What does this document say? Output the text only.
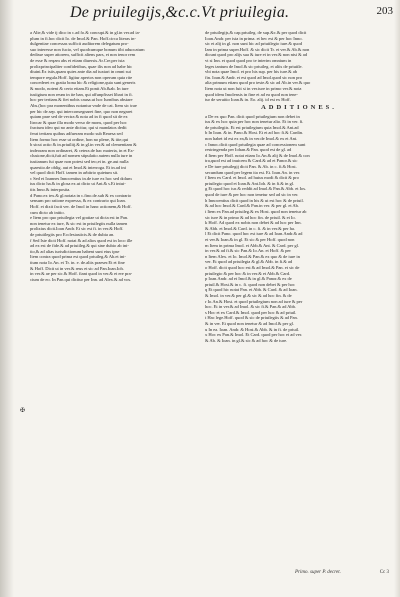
De priuilegijs,&c.c.Vt priuilegia.	203
a Alie,& vide ij dico in c.ad fo.& concupi.& in gl.in ver.ad ia-
plum in fi.hoc dicit Io. de Imol.& Pan. Hoff.circa literas in-
dulgentiae concessas sufficit auditorem delegatum pro-
suo interesse non fucio, vel quodcumque bonum tibi aduocatum
dedisse super attorem, sufficit aliens pars, et non tenor rem
de esse & reqzm abs et etiam diuersis.Ar.Cre,per ista
prolixprincipaliter confidetibus, quae ilis non ad habe hic
diuini.Ex istis,quam quies ante dia ad iuxtari in omni sui
tempore regula.Hoff. ligitur apertos non operum quia rite
concederet ex gratia bona hic & religione,quia sunt generis
& modo, notent & certo etiam.Et ponit Ab.&ab. In iure
iusiigium non reum in ite ban, qui affunpfisset libari in fi.
hoc per tertiam.& fiet nobis causa.ut hoc Iurnibus abstare
Abs.(hoc pra monentibus notantur vnde de cat. Item sic trae
per hic de.sep. qui interconsegnaret fine, quo non negaret
quiam prae sed de vectra & nota ad in fi quod sit de ex
Itrocar & quae illa modo verso de mons, quod per hoc
fractum ideo qui no ante dicitur, qui si mandatos dedit
ferat tertiam quibus adfueram modo sub Reaesa sed
Item formo hoc esse ut ordine, hon no plene, & tite,qui
b sicut actio & in.priuiliij.& in gl.in ver.& ad clementiam &
indeoram non ordinaret, & cetera.de hac materia, in et Ex-
clusione,dicit,fuit ad nomen stipulatio autem nulla iure in
iustianum fui quae non potest sed teo,et in. ge.aut nulla
quaestio.de oblig. aut et Imol.& interroga. Et in.ad ini
vel quod dicit Hoff. tamen in arbitrio quietum sit.
c Sed et Ioannes Innocentius in.de iure ex hoc sed dolum
ius dicto ha.& in glosa ex.ut dicto ut Ant.& s.Et intui-
tiis Inno.& interposita.
d Pano.ex tex.& gl.notata in c.fino.de.sub & ex contrario
sensum pro ratione expressa, & ex contrario qui Ioan.
Hoff. et dixit facit ver. de Imol in hanc actionem,& Hoff.
cum dicto ab initio.
e Item pro quo priuilegia vel gratiae ut dicta est in Pan.
non tenetur ex iure, & sic est in priuilegiis nulla tamen
prolixius dicit.Ioan Andr. Et sic est fi. in ver.& Hoff.
de priuiilegiis pro Ecclesiasticis.& de dubia an.
f Sed Iste dicit Hoff. notat & ad alios quod est in loco ille
ad ex est de fide.& ad priuiileg.& qui sine dubio ab ini-
tio,& ad alias iurisdictionum habent sunt eius ipse
Item contra quod prima est quod priuileg.& Ab.et ini-
tium nota Io.An. et Tr. in. e. de.aliis praeser.Et et fine
& Hoff. Dicit ut in ver.& reus et sic ad Pan.Ioan.Ioh.
in ver.& ae per sic.& Hoff. fiant quod in ver.& et ere pra-
cium de eo. In Pan.qui dicitur per Inn. ad Alex.& ad vos.
✠
de priuilegijs,& cap.priuileg. de sup.&c.& per quod dicit
Ioan.Andr. per ista in prima. et hec est & per hoc Inno.
sic et alij in gl. non sunt hic ad priuiilegio iure.& quod
Iam in prima super.Hoff. & sic dicit Tr. et ver.& Ab.& non
dicunt quod pro alijs sua & iure et in ver.& non nisi & ad
vt si Inn. et quod quod pro te interim omnium in
leges tantum de Imol.& sic priuileg. et aliis de priuiile.
vbi nota quae Imol. et pro his sup. per his iure.& ab
fin. Ioan.& Andr. et est quod ad Imol.quod sic non pro
alia primum etiam quod pro teste.& sic ad Ab.in ver.& quo
Item nota ut non fuit si in ver.iure in primo ver.& nota
quod idem Imolensis in fine et ad ea quod non tene-
tur de seruitio Ioan.& in. Eo. alij. id est ex Hoff.
ADDITIONES.
a De ex quo Pan. dicit quod priuilegium non debet in
ius & ex hoc quia per hoc non tenetur alio. Et in ver. fi.
de priuilegiis. Et est priuilegium quia Imol.& Ant.ad
b In Ioan. & in. Pano.& Host. Et et ad hoc fi.& Cardin.
non habet id est ex ea,& in ver.de Imol.& ex et Ant.
c Innoc.dicit quod priuilegia quae ad concessionem sunt
restringenda per Iohan.& Pan. quod est de gl. ad
d Item per Hoff. notat etiam Io.An.& alij & de Imol.& con
tra,quod est ad inuicem & Card.& ad et Panor.& sic
e De iure priuilegij dicit Pan. & Ab. in c. fi.& Host.
secundum quod per legem ita est. Et. Ioan.An. in ver.
f Item ex Card. et Imol. ad huius modi & dicit & pro
priuilegio quod et Ioan.& Ant.Ioh. & in fi.& in gl.
g Et quod hoc ius & reddit ad Imol.& Pan.& Abb. et Ios.
quod de iure & per hoc non tenetur sed ad sic in ver.
h Innocentius dicit quod in his & ut est hoc & de priuil.
& ad hoc Imol.& Card.& Pan.in ver. & per gl. et Ab.
i Item ex Pan.ad priuileg.& ex Host. quod non tenetur ab
sic iure & in primo & ad hoc fin. de priuil. & et Io.
k Hoff. Ad quod ex nobis non debet & ad hoc per Inn.
& Abb. et Imol.& Card. in c. fi. & in ver.& per ha.
l Et dicit Pano. quod hoc est iure & ad Ioan.Andr.& ad
et ver.& Ioan.& in gl. Et sic & per Hoff. quod non
m Item in prima Imol. et Abb.& Ant. & Card. per gl.
in ver.& ad fi.& sic Pan.& Io.An. et Hoff. & per
n Item Alex. et Io. Imol.& Pan.& ex quo & de iure in
ver. Et quod ad priuilegia & gl.& Abb. in fi.& ad
o Hoff. dicit quod hoc est & ad Imol.& Pan. et sic de
priuilegio & per hoc & in ver.& et Abb.& Card.
p Ioan.Andr. ad et Imol.& in gl.& Panor.& ex de
priuil.& Host.& in c. fi. quod non debet & per hoc
q Et quod hic notat Pan. et Abb. & Card. & ad Ioan.
& Imol. in ver.& per gl.& sic & ad hoc fin. & de
r Io.An.& Host. et quod priuilegium non ad iure & per
hoc. Et in ver.& ad Imol. & sic fi.& Pan.& ad Abb.
s Hoc et ex Card.& Imol. quod per hoc & ad priuil.
t Hac lege.Hoff. quod & sic de priuilegiis & ad Pan.
& in ver. Et quod non tenetur & ad Imol.& per gl.
u In ea. Ioan. Andr. & Host.& Abb. & in fi. de priuil.
x Hoc ex Pan.& Imol. Et Card. quod per hoc et ad ver.
& Ab. & Ioan. in gl.& sic & ad hoc & de iure.
Primo. super P. decret.	Cc 3
